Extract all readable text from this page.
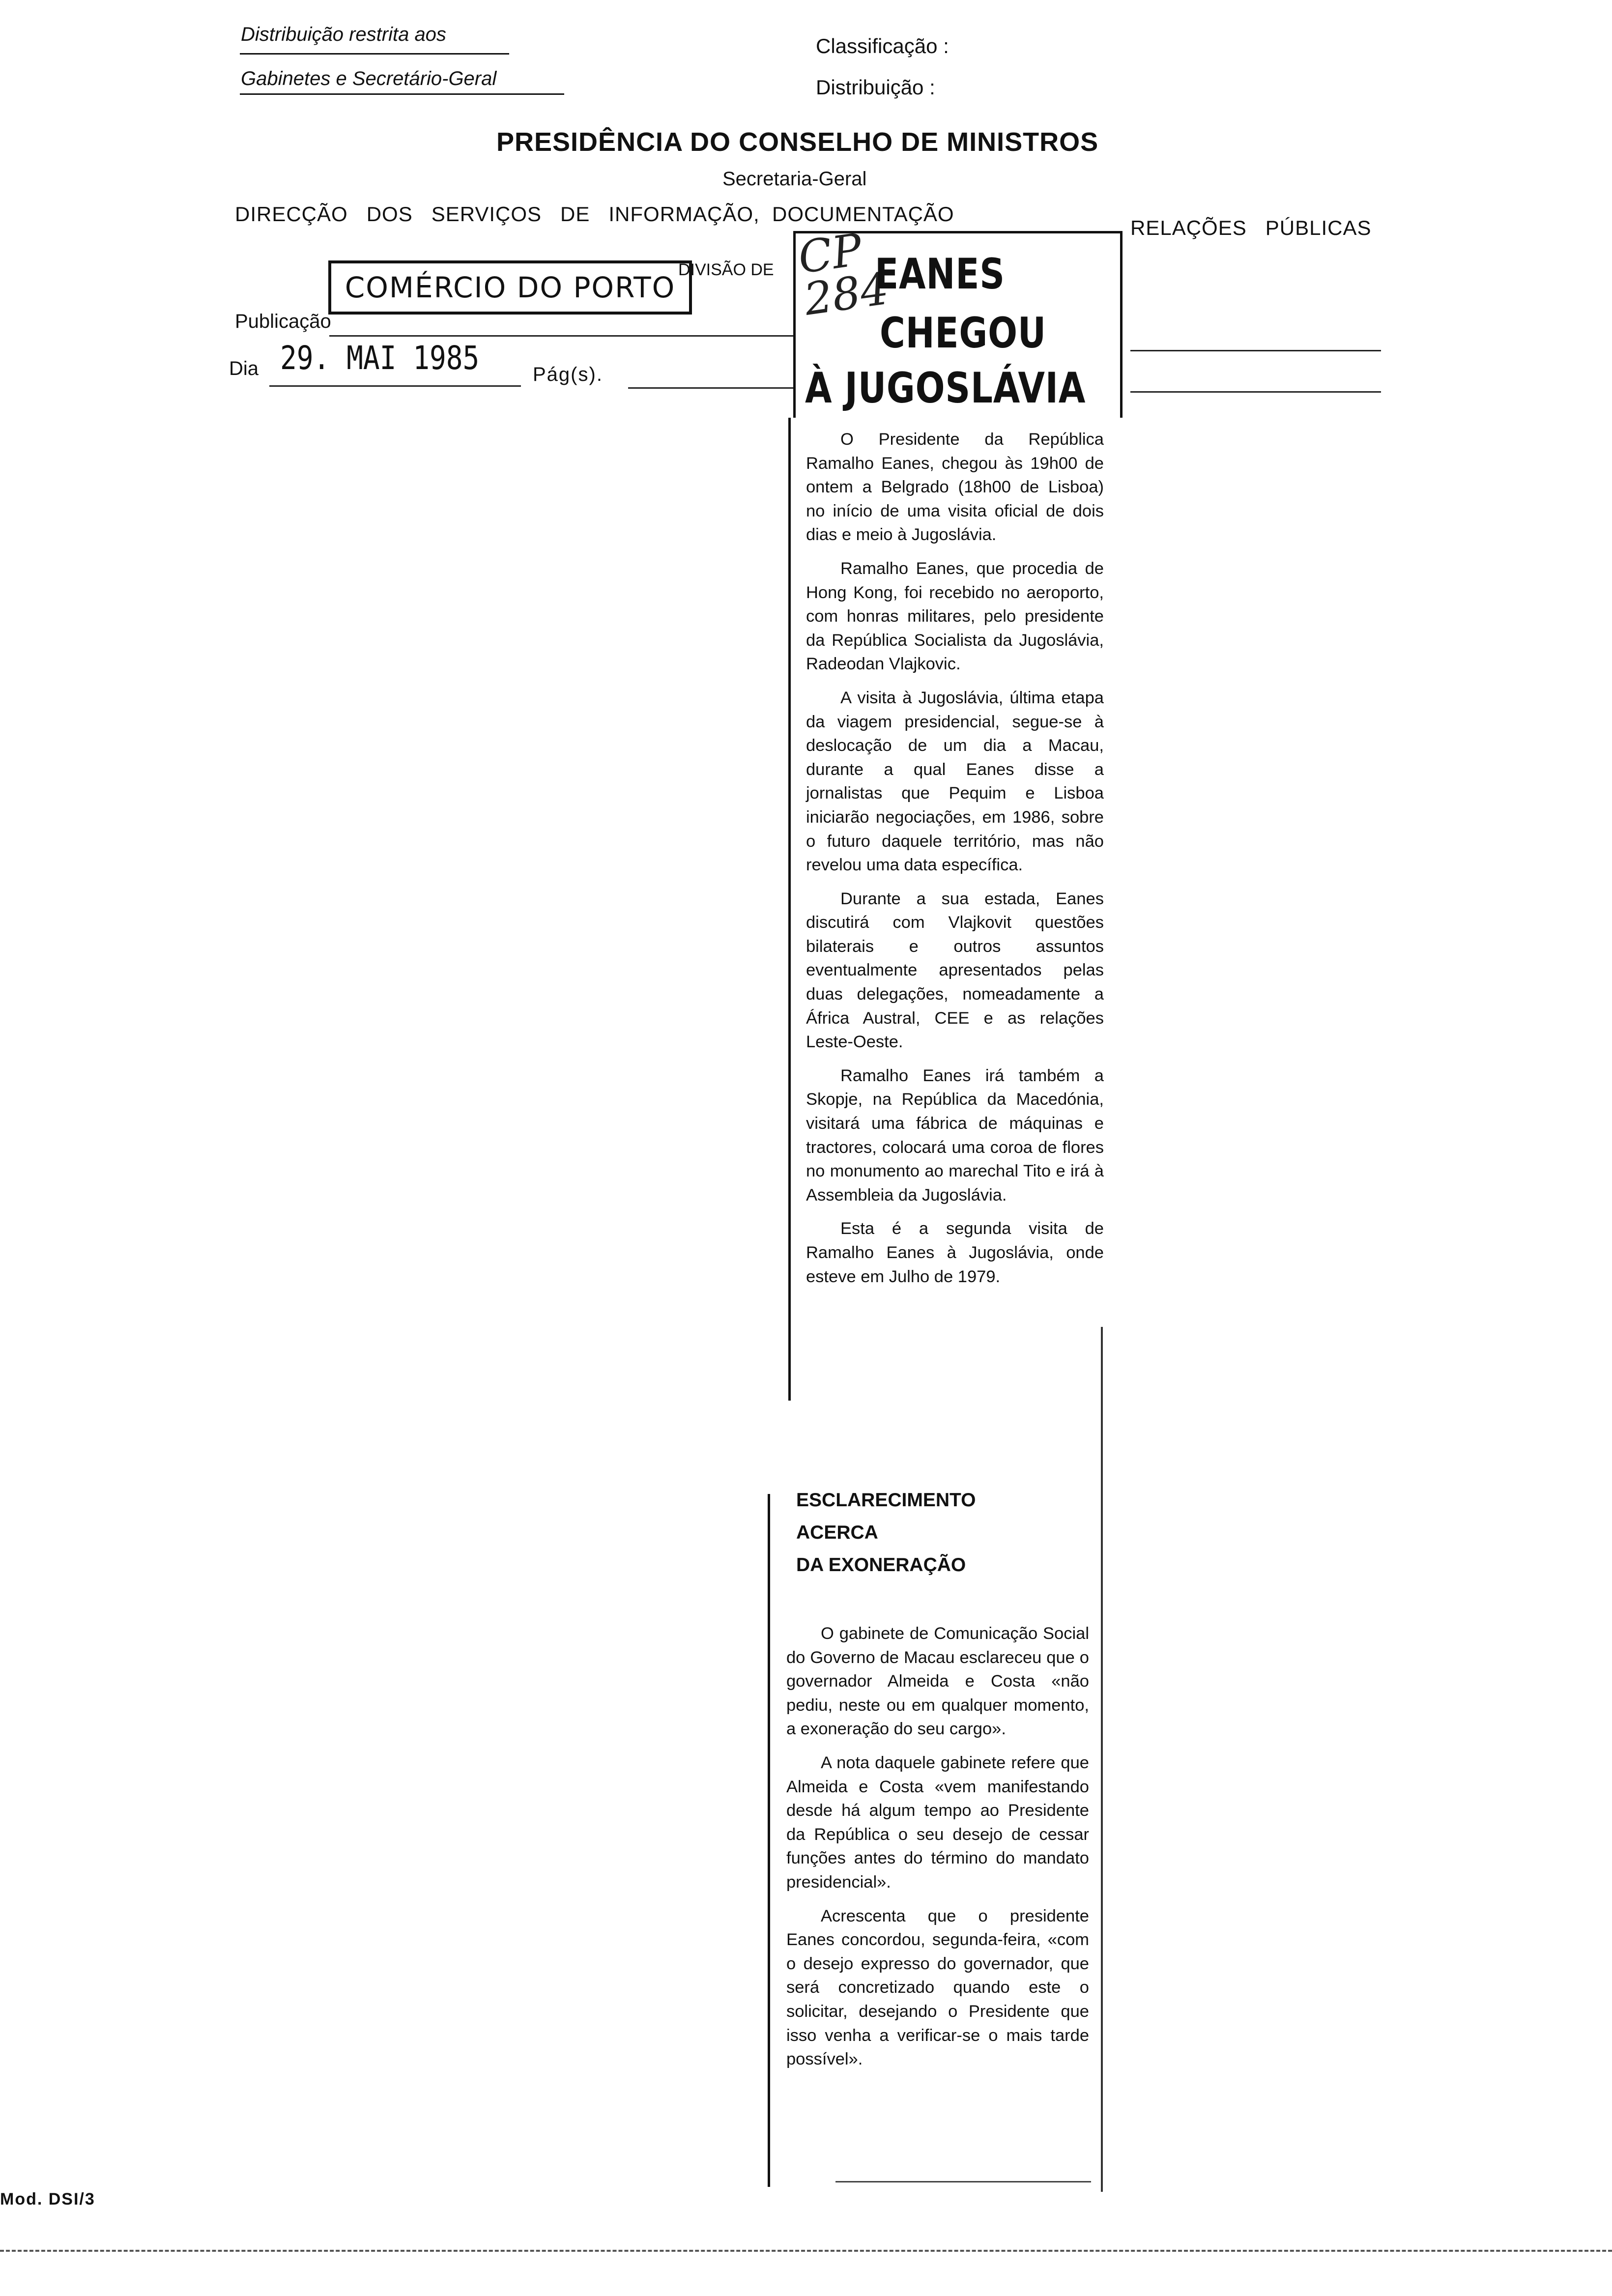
Distribuição restrita aos
Gabinetes e Secretário-Geral
Classificação :
Distribuição :
PRESIDÊNCIA DO CONSELHO DE MINISTROS
Secretaria-Geral
DIRECÇÃO   DOS   SERVIÇOS   DE   INFORMAÇÃO,  DOCUMENTAÇÃO
RELAÇÕES   PÚBLICAS
DIVISÃO DE
COMÉRCIO DO PORTO
Publicação
Dia 29. MAI 1985	Pág(s).
CP 284
EANES
CHEGOU
À JUGOSLÁVIA

O Presidente da República Ramalho Eanes, chegou às 19h00 de ontem a Belgrado (18h00 de Lisboa) no início de uma visita oficial de dois dias e meio à Jugoslávia.

Ramalho Eanes, que procedia de Hong Kong, foi recebido no aeroporto, com honras militares, pelo presidente da República Socialista da Jugoslávia, Radeodan Vlajkovic.

A visita à Jugoslávia, última etapa da viagem presidencial, segue-se à deslocação de um dia a Macau, durante a qual Eanes disse a jornalistas que Pequim e Lisboa iniciarão negociações, em 1986, sobre o futuro daquele território, mas não revelou uma data específica.

Durante a sua estada, Eanes discutirá com Vlajkovit questões bilaterais e outros assuntos eventualmente apresentados pelas duas delegações, nomeadamente a África Austral, CEE e as relações Leste-Oeste.

Ramalho Eanes irá também a Skopje, na República da Macedónia, visitará uma fábrica de máquinas e tractores, colocará uma coroa de flores no monumento ao marechal Tito e irá à Assembleia da Jugoslávia.

Esta é a segunda visita de Ramalho Eanes à Jugoslávia, onde esteve em Julho de 1979.

ESCLARECIMENTO
ACERCA
DA EXONERAÇÃO

O gabinete de Comunicação Social do Governo de Macau esclareceu que o governador Almeida e Costa «não pediu, neste ou em qualquer momento, a exoneração do seu cargo».

A nota daquele gabinete refere que Almeida e Costa «vem manifestando desde há algum tempo ao Presidente da República o seu desejo de cessar funções antes do término do mandato presidencial».

Acrescenta que o presidente Eanes concordou, segunda-feira, «com o desejo expresso do governador, que será concretizado quando este o solicitar, desejando o Presidente que isso venha a verificar-se o mais tarde possível».

Mod. DSI/3
